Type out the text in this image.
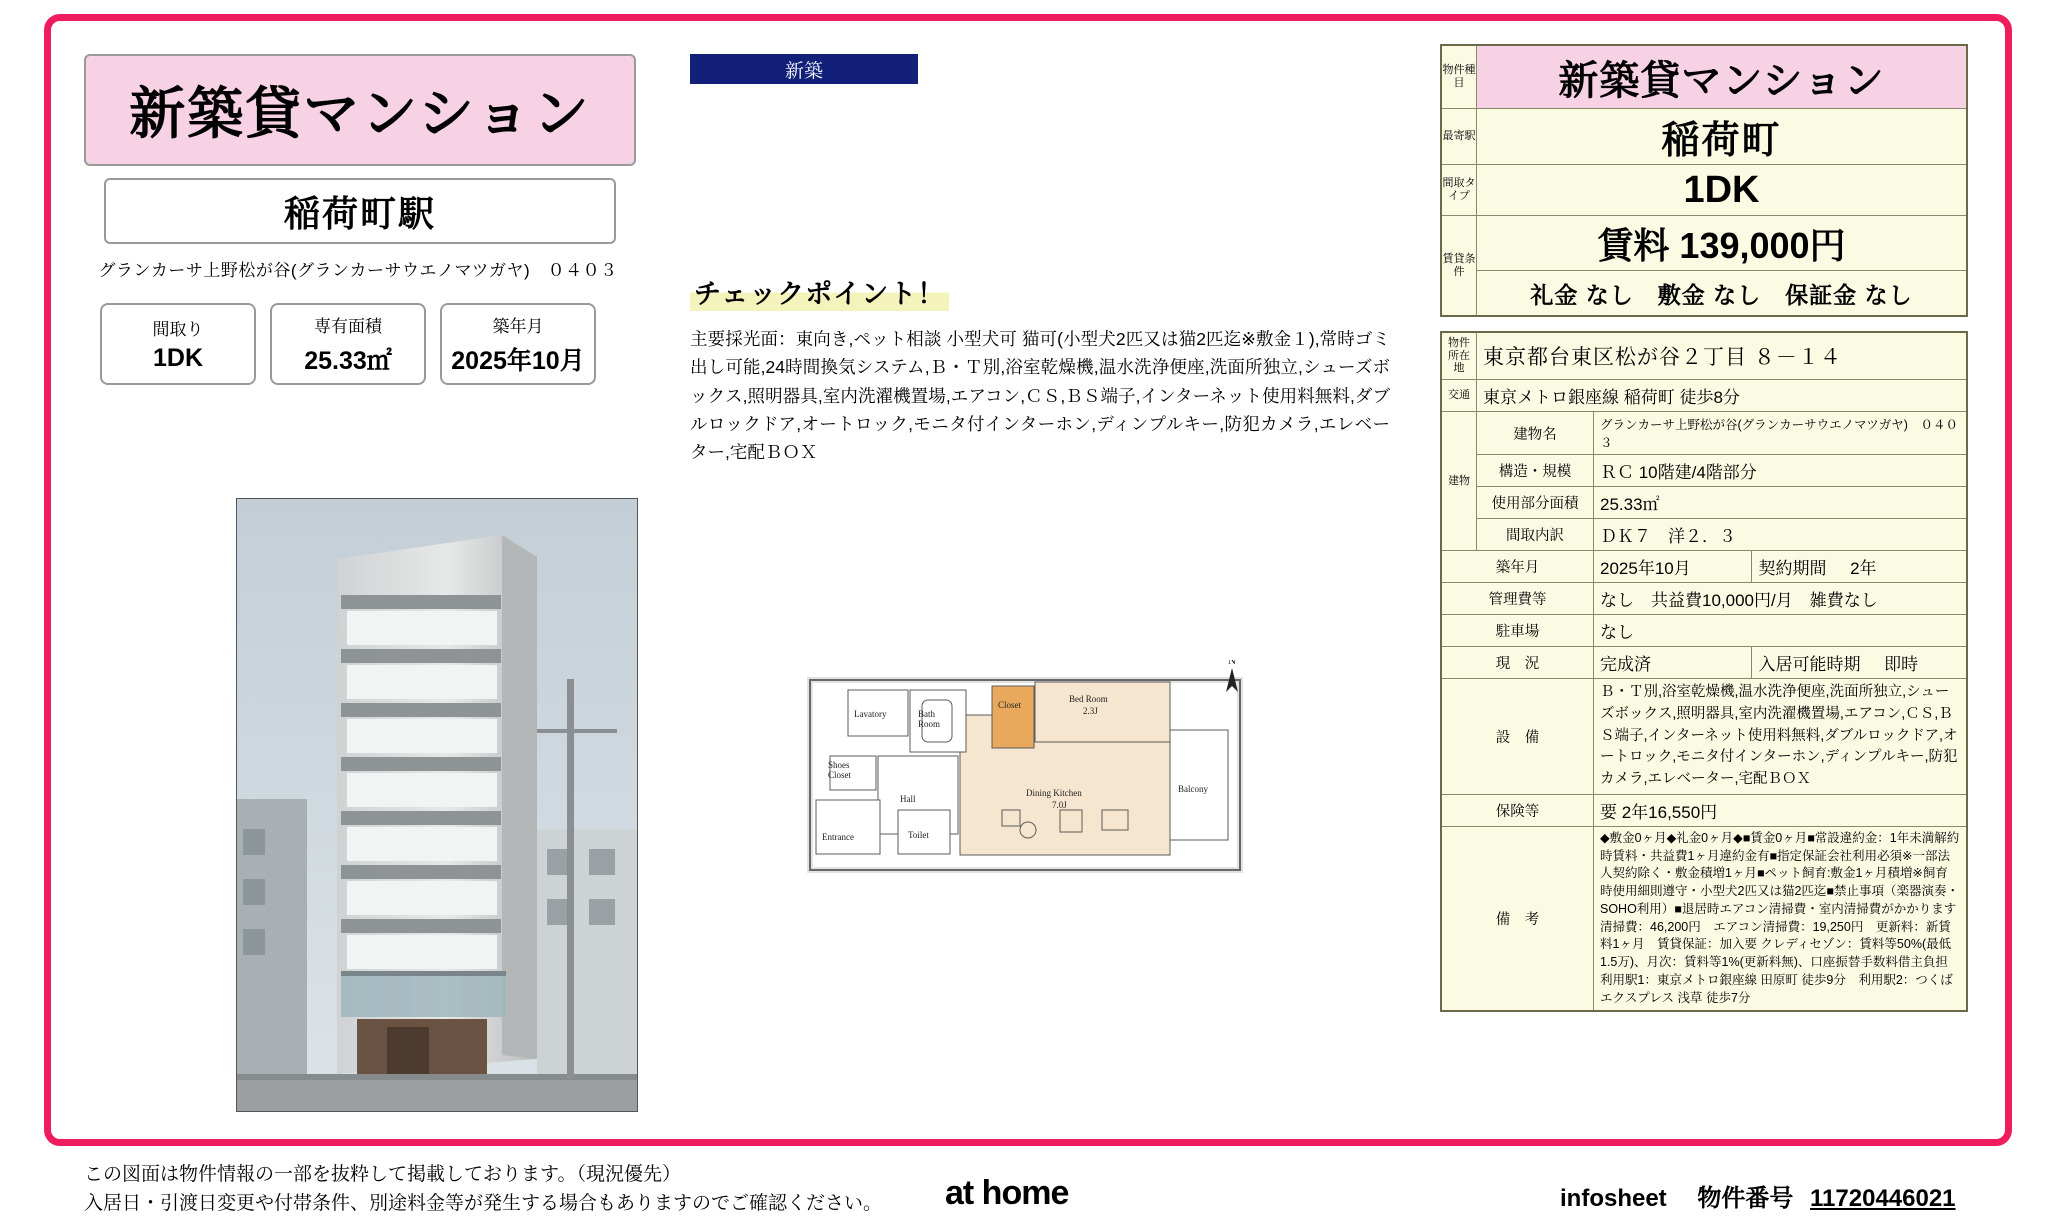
新築貸マンション
稲荷町駅
グランカーサ上野松が谷(グランカーサウエノマツガヤ)　０４０３
間取り
1DK
専有面積
25.33㎡
築年月
2025年10月
新築
チェックポイント！
主要採光面：東向き,ペット相談 小型犬可 猫可(小型犬2匹又は猫2匹迄※敷金１),常時ゴミ出し可能,24時間換気システム,Ｂ・Ｔ別,浴室乾燥機,温水洗浄便座,洗面所独立,シューズボックス,照明器具,室内洗濯機置場,エアコン,ＣＳ,ＢＳ端子,インターネット使用料無料,ダブルロックドア,オートロック,モニタ付インターホン,ディンプルキー,防犯カメラ,エレベーター,宅配ＢＯＸ
N
Bed Room
2.3J
Dining Kitchen
7.0J
Balcony
Lavatory	Bath
Room
Closet
Shoes
Closet
Hall
Toilet
Entrance
物件種目	新築貸マンション
最寄駅	稲荷町
間取タイプ	1DK
賃貸条件	賃料 139,000円
	礼金 なし　敷金 なし　保証金 なし
物件所在地	東京都台東区松が谷２丁目 ８－１４		
交通	東京メトロ銀座線 稲荷町 徒歩8分		
建物	建物名	グランカーサ上野松が谷(グランカーサウエノマツガヤ)　０４０３	
	構造・規模	ＲＣ 10階建/4階部分	
	使用部分面積	25.33㎡	
	間取内訳	ＤＫ７　洋２．３	
築年月		2025年10月	契約期間 2年
管理費等		なし　共益費10,000円/月　雑費なし	
駐車場		なし	
現　況		完成済	入居可能時期 即時
設　備		Ｂ・Ｔ別,浴室乾燥機,温水洗浄便座,洗面所独立,シューズボックス,照明器具,室内洗濯機置場,エアコン,ＣＳ,ＢＳ端子,インターネット使用料無料,ダブルロックドア,オートロック,モニタ付インターホン,ディンプルキー,防犯カメラ,エレベーター,宅配ＢＯＸ	
保険等		要 2年16,550円	
備　考		◆敷金0ヶ月◆礼金0ヶ月◆■賃金0ヶ月■常設違約金：1年未満解約時賃料・共益費1ヶ月違約金有■指定保証会社利用必須※一部法人契約除く・敷金積増1ヶ月■ペット飼育:敷金1ヶ月積増※飼育時使用細則遵守・小型犬2匹又は猫2匹迄■禁止事項（楽器演奏・SOHO利用）■退居時エアコン清掃費・室内清掃費がかかります 清掃費：46,200円　エアコン清掃費：19,250円　更新料：新賃料1ヶ月　賃貸保証：加入要 クレディセゾン：賃料等50%(最低1.5万)、月次：賃料等1%(更新料無)、口座振替手数料借主負担　利用駅1：東京メトロ銀座線 田原町 徒歩9分　利用駅2：つくばエクスプレス 浅草 徒歩7分	
この図面は物件情報の一部を抜粋して掲載しております。（現況優先）
入居日・引渡日変更や付帯条件、別途料金等が発生する場合もありますのでご確認ください。	at home	infosheet 物件番号 11720446021
